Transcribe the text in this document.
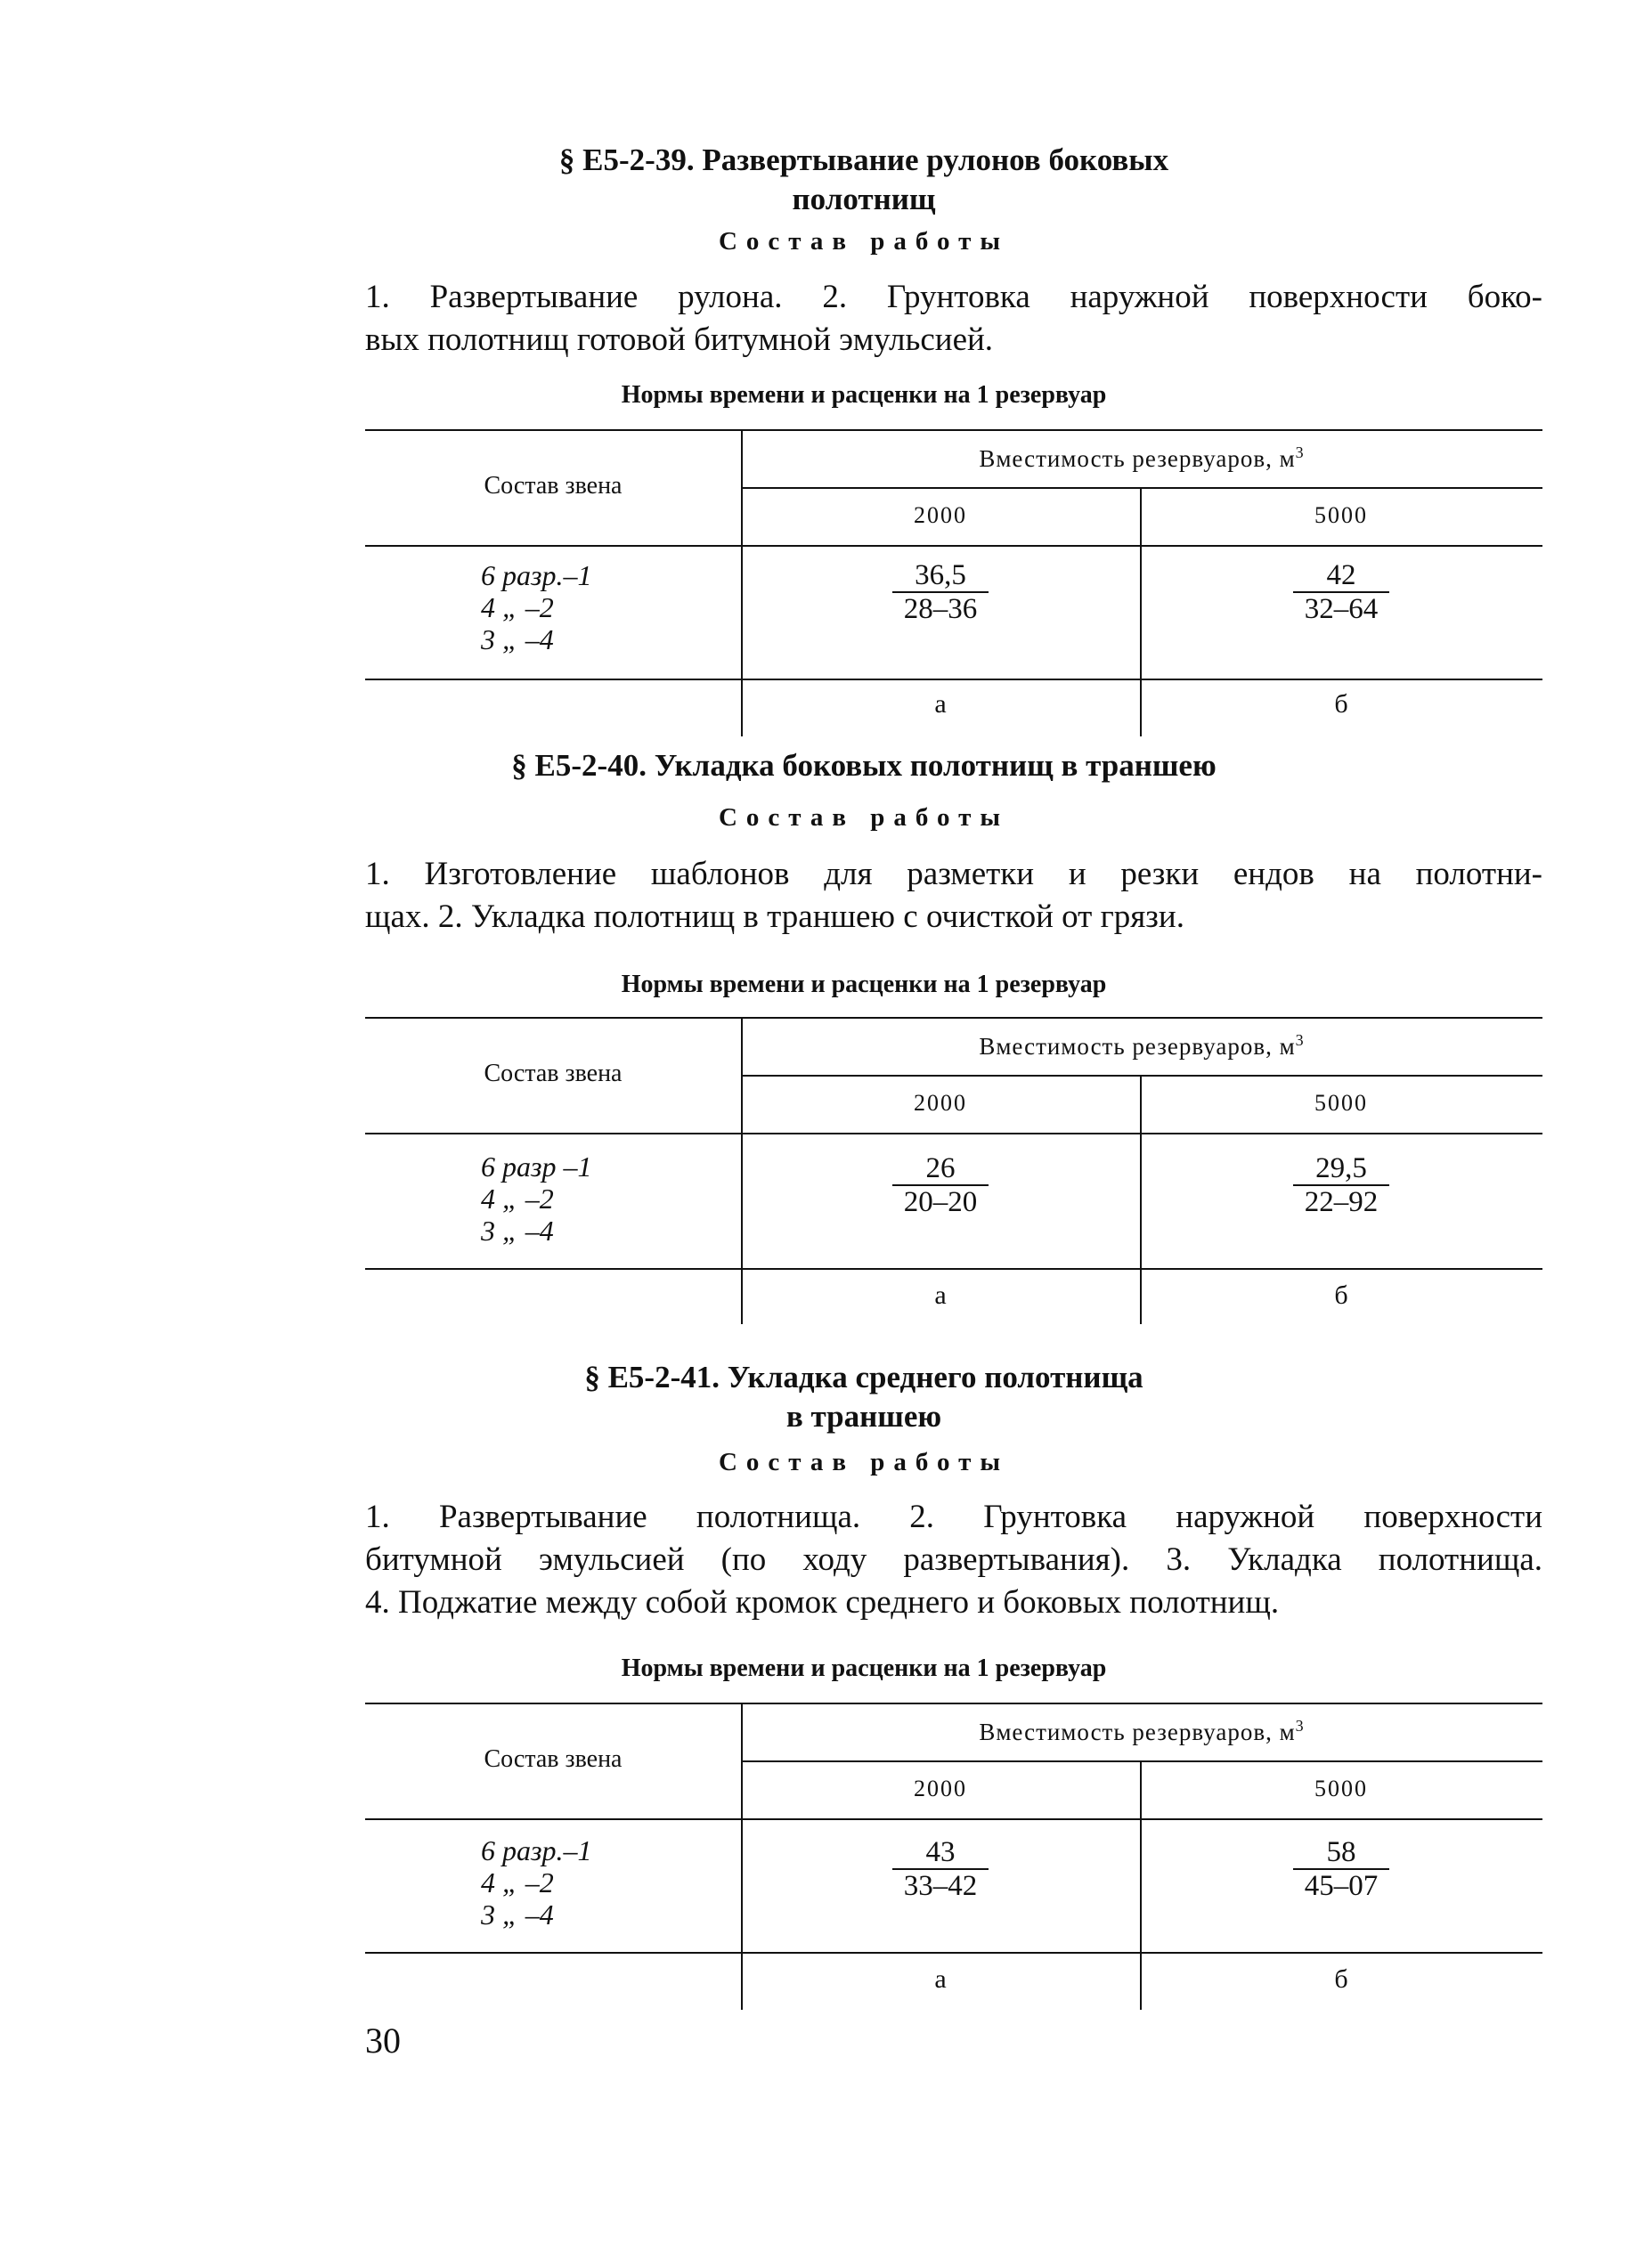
§ Е5-2-39. Развертывание рулонов боковых
полотнищ
Состав работы
1. Развертывание рулона. 2. Грунтовка наружной поверхности боко-
вых полотнищ готовой битумной эмульсией.
Нормы времени и расценки на 1 резервуар
Состав звена
Вместимость резервуаров, $м^3$
2000	5000
6 разр.–1
4 „ –2
3 „ –4
$\frac{36,5}{28-36}$	$\frac{42}{32-64}$
а	б
§ Е5-2-40. Укладка боковых полотнищ в траншею
Состав работы
1. Изготовление шаблонов для разметки и резки ендов на полотни-
щах. 2. Укладка полотнищ в траншею с очисткой от грязи.
Нормы времени и расценки на 1 резервуар
Состав звена
Вместимость резервуаров, $м^3$
2000	5000
6 разр –1
4 „ –2
3 „ –4
$\frac{26}{20-20}$	$\frac{29,5}{22-92}$
а	б
§ Е5-2-41. Укладка среднего полотнища
в траншею
Состав работы
1. Развертывание полотнища. 2. Грунтовка наружной поверхности
битумной эмульсией (по ходу развертывания). 3. Укладка полотнища.
4. Поджатие между собой кромок среднего и боковых полотнищ.
Нормы времени и расценки на 1 резервуар
Состав звена
Вместимость резервуаров, $м^3$
2000	5000
6 разр.–1
4 „ –2
3 „ –4
$\frac{43}{33-42}$	$\frac{58}{45-07}$
а	б
30
